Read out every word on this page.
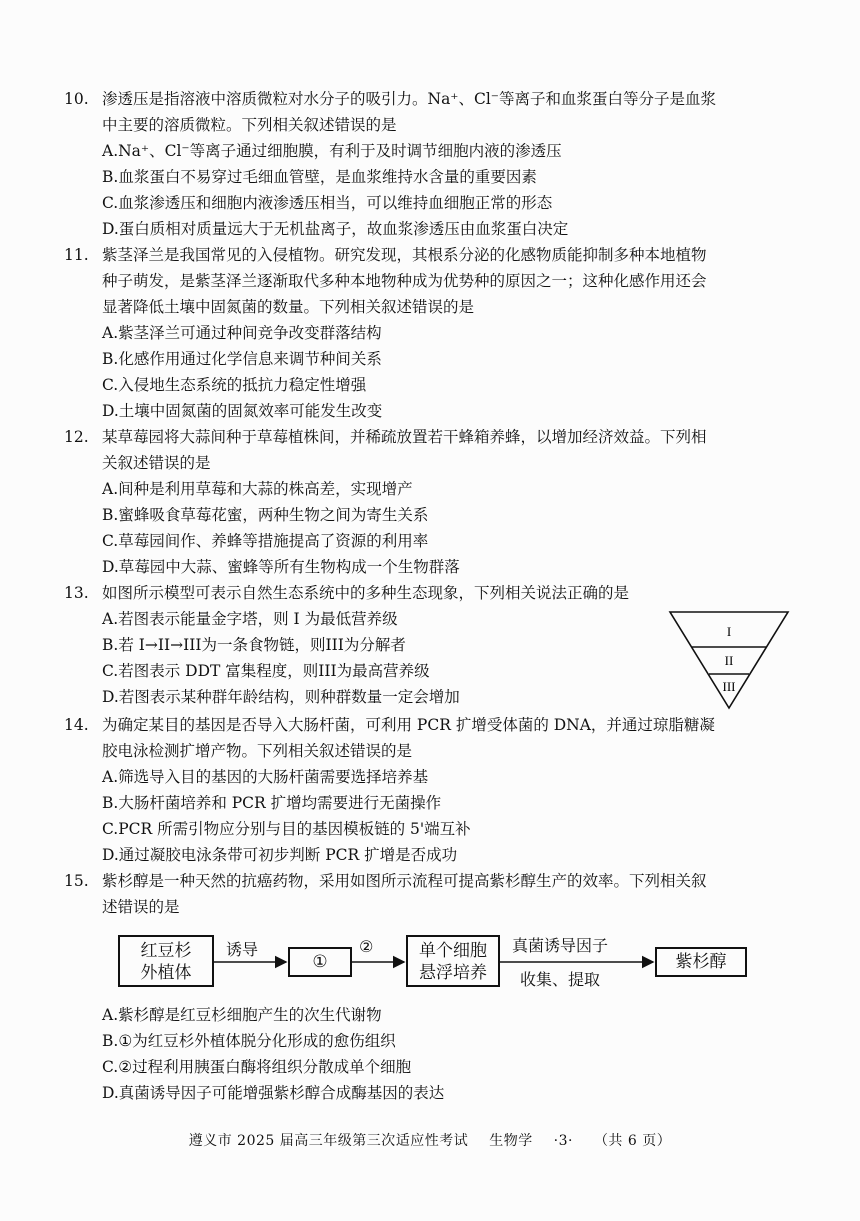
10. 渗透压是指溶液中溶质微粒对水分子的吸引力。Na⁺、Cl⁻等离子和血浆蛋白等分子是血浆
中主要的溶质微粒。下列相关叙述错误的是
A.Na⁺、Cl⁻等离子通过细胞膜，有利于及时调节细胞内液的渗透压
B.血浆蛋白不易穿过毛细血管壁，是血浆维持水含量的重要因素
C.血浆渗透压和细胞内液渗透压相当，可以维持血细胞正常的形态
D.蛋白质相对质量远大于无机盐离子，故血浆渗透压由血浆蛋白决定
11. 紫茎泽兰是我国常见的入侵植物。研究发现，其根系分泌的化感物质能抑制多种本地植物
种子萌发，是紫茎泽兰逐渐取代多种本地物种成为优势种的原因之一；这种化感作用还会
显著降低土壤中固氮菌的数量。下列相关叙述错误的是
A.紫茎泽兰可通过种间竞争改变群落结构
B.化感作用通过化学信息来调节种间关系
C.入侵地生态系统的抵抗力稳定性增强
D.土壤中固氮菌的固氮效率可能发生改变
12. 某草莓园将大蒜间种于草莓植株间，并稀疏放置若干蜂箱养蜂，以增加经济效益。下列相
关叙述错误的是
A.间种是利用草莓和大蒜的株高差，实现增产
B.蜜蜂吸食草莓花蜜，两种生物之间为寄生关系
C.草莓园间作、养蜂等措施提高了资源的利用率
D.草莓园中大蒜、蜜蜂等所有生物构成一个生物群落
13. 如图所示模型可表示自然生态系统中的多种生态现象，下列相关说法正确的是
A.若图表示能量金字塔，则 I 为最低营养级
B.若 I→II→III为一条食物链，则III为分解者
C.若图表示 DDT 富集程度，则III为最高营养级
D.若图表示某种群年龄结构，则种群数量一定会增加
I
II
III
14. 为确定某目的基因是否导入大肠杆菌，可利用 PCR 扩增受体菌的 DNA，并通过琼脂糖凝
胶电泳检测扩增产物。下列相关叙述错误的是
A.筛选导入目的基因的大肠杆菌需要选择培养基
B.大肠杆菌培养和 PCR 扩增均需要进行无菌操作
C.PCR 所需引物应分别与目的基因模板链的 5'端互补
D.通过凝胶电泳条带可初步判断 PCR 扩增是否成功
15. 紫杉醇是一种天然的抗癌药物，采用如图所示流程可提高紫杉醇生产的效率。下列相关叙
述错误的是
红豆杉
外植体
诱导
①
②	单个细胞
悬浮培养
真菌诱导因子
收集、提取
紫杉醇
A.紫杉醇是红豆杉细胞产生的次生代谢物
B.①为红豆杉外植体脱分化形成的愈伤组织
C.②过程利用胰蛋白酶将组织分散成单个细胞
D.真菌诱导因子可能增强紫杉醇合成酶基因的表达
遵义市 2025 届高三年级第三次适应性考试 生物学 ·3· （共 6 页）
